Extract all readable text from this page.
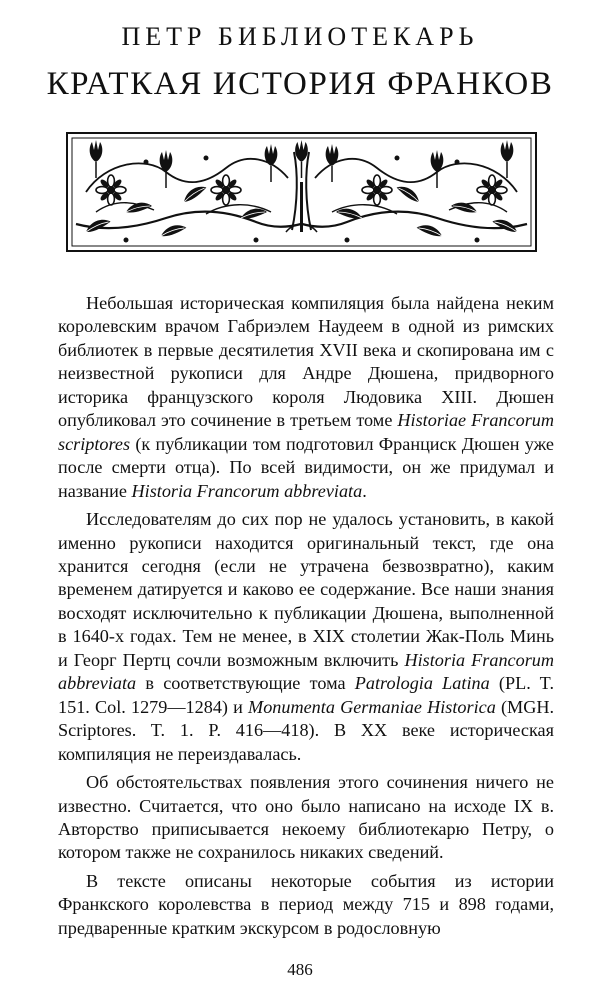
ПЕТР БИБЛИОТЕКАРЬ
КРАТКАЯ ИСТОРИЯ ФРАНКОВ

Небольшая историческая компиляция была найдена неким королевским врачом Габриэлем Наудеем в одной из римских библиотек в первые десятилетия XVII века и скопирована им с неизвестной рукописи для Андре Дюшена, придворного историка французского короля Людовика XIII. Дюшен опубликовал это сочинение в третьем томе Historiae Francorum scriptores (к публикации том подготовил Франциск Дюшен уже после смерти отца). По всей видимости, он же придумал и название Historia Francorum abbreviata.

Исследователям до сих пор не удалось установить, в какой именно рукописи находится оригинальный текст, где она хранится сегодня (если не утрачена безвозвратно), каким временем датируется и каково ее содержание. Все наши знания восходят исключительно к публикации Дюшена, выполненной в 1640-х годах. Тем не менее, в XIX столетии Жак-Поль Минь и Георг Пертц сочли возможным включить Historia Francorum abbreviata в соответствующие тома Patrologia Latina (PL. T. 151. Col. 1279—1284) и Monumenta Germaniae Historica (MGH. Scriptores. T. 1. P. 416—418). В XX веке историческая компиляция не переиздавалась.

Об обстоятельствах появления этого сочинения ничего не известно. Считается, что оно было написано на исходе IX в. Авторство приписывается некоему библиотекарю Петру, о котором также не сохранилось никаких сведений.

В тексте описаны некоторые события из истории Франкского королевства в период между 715 и 898 годами, предваренные кратким экскурсом в родословную

486
